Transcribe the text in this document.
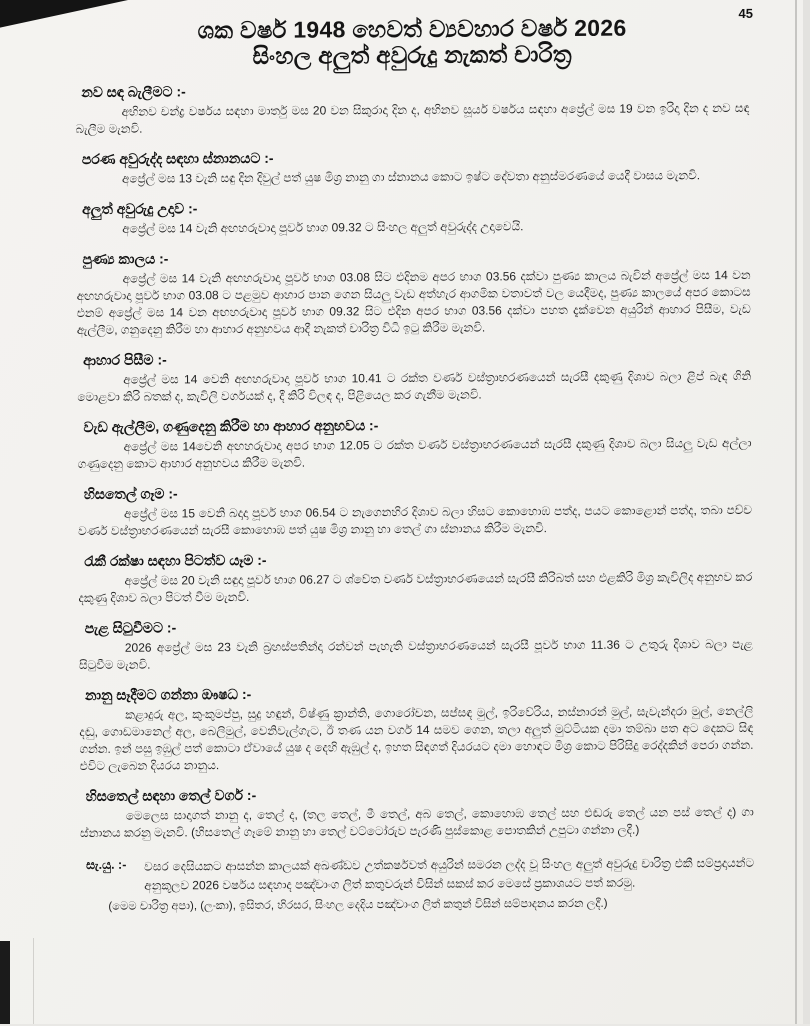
45
ශක වර්ෂ 1948 හෙවත් ව්‍යවහාර වර්ෂ 2026
සිංහල අලුත් අවුරුදු නැකත් චාරිත්‍ර
නව සඳ බැලීමට :-

අභිනව චන්ද්‍ර වර්ෂය සඳහා මාර්තු මස 20 වන සිකුරාදා දින ද, අභිනව සූර්ය වර්ෂය සඳහා අප්‍රේල් මස 19 වන ඉරිදා දින ද නව සඳ බැලීම මැනවි.

පරණ අවුරුද්ද සඳහා ස්නානයට :-

අප්‍රේල් මස 13 වැනි සඳු දින දිවුල් පත් යුෂ මිශ්‍ර නානු ගා ස්නානය කොට ඉෂ්ට දේවතා අනුස්මරණයේ යෙදී වාසය මැනවි.

අලුත් අවුරුදු උදාව :-

අප්‍රේල් මස 14 වැනි අඟහරුවාදා පූර්ව භාග 09.32 ට සිංහල අලුත් අවුරුද්ද උදාවෙයි.

පුණ්‍ය කාලය :-

අප්‍රේල් මස 14 වැනි අඟහරුවාදා පූර්ව භාග 03.08 සිට එදිනම අපර භාග 03.56 දක්වා පුණ්‍ය කාලය බැවින් අප්‍රේල් මස 14 වන අඟහරුවාදා පූර්ව භාග 03.08 ට පළමුව ආහාර පාන ගෙන සියලු වැඩ අත්හැර ආගමික වතාවත් වල යෙදීමද, පුණ්‍ය කාලයේ අපර කොටස එනම් අප්‍රේල් මස 14 වන අඟහරුවාදා පූර්ව භාග 09.32 සිට එදින අපර භාග 03.56 දක්වා පහත දැක්වෙන අයුරින් ආහාර පිසීම, වැඩ ඇල්ලීම, ගනුදෙනු කිරීම හා ආහාර අනුභවය ආදී නැකත් චාරිත්‍ර විධි ඉටු කිරීම මැනවි.

ආහාර පිසීම :-

අප්‍රේල් මස 14 වෙනි අඟහරුවාදා පූර්ව භාග 10.41 ට රක්ත වර්ණ වස්ත්‍රාභරණයෙන් සැරසී දකුණු දිශාව බලා ළිප් බැඳ ගිනි මොළවා කිරි බතක් ද, කැවිලි වර්ගයක් ද, දී කිරි විලඳ ද, පිළියෙල කර ගැනීම මැනවි.

වැඩ ඇල්ලීම, ගණුදෙනු කිරීම හා ආහාර අනුභවය :-

අප්‍රේල් මස 14වෙනි අඟහරුවාදා අපර භාග 12.05 ට රක්ත වර්ණ වස්ත්‍රාභරණයෙන් සැරසී දකුණු දිශාව බලා සියලු වැඩ අල්ලා ගණුදෙනු කොට ආහාර අනුභවය කිරීම මැනවි.

හිසතෙල් ගෑම :-

අප්‍රේල් මස 15 වෙනි බදාදා පූර්ව භාග 06.54 ට නැගෙනහිර දිශාව බලා හිසට කොහොඹ පත්ද, පයට කොළොන් පත්ද, තබා පච්ච වර්ණ වස්ත්‍රාභරණයෙන් සැරසී කොහොඹ පත් යුෂ මිශ්‍ර නානු හා තෙල් ගා ස්නානය කිරීම මැනවි.

රැකී රක්ෂා සඳහා පිටත්ව යෑම :-

අප්‍රේල් මස 20 වැනි සඳුදා පූර්ව භාග 06.27 ට ශ්වේත වර්ණ වස්ත්‍රාභරණයෙන් සැරසී කිරිබත් සහ එළකිරි මිශ්‍ර කැවිලිද අනුභව කර දකුණු දිශාව බලා පිටත් වීම මැනවි.

පැළ සිටුවීමට :-

2026 අප්‍රේල් මස 23 වැනි බ්‍රහස්පතින්දා රන්වන් පැහැති වස්ත්‍රාභරණයෙන් සැරසී පූර්ව භාග 11.36 ට උතුරු දිශාව බලා පැළ සිටුවීම මැනවි.

නානු සෑදීමට ගන්නා ඖෂධ :-

කළාදුරු අල, කුංකුමප්පු, සුදු හඳුන්, විෂ්ණු ක්‍රාන්ති, ගොරෝචන, සප්සඳ මුල්, ඉරිවේරිය, නස්නාරන් මුල්, සැවැන්දරා මුල්, නෙල්ලි දඬු, ගොඩමානෙල් අල, බෙලිමුල්, වෙනිවැල්ගැට, ඊ තණ යන වර්ග 14 සමව ගෙන, තලා අලුත් මුට්ටියක දමා තම්බා පත අට දෙකට සිඳ ගන්න. ඉන් පසු ඉඹුල් පත් කොටා ඒවායේ යුෂ ද දෙහි ඇඹුල් ද, ඉහත සිඳගත් දියරයට දමා හොඳට මිශ්‍ර කොට පිරිසිදු රෙද්දකින් පෙරා ගන්න. එවිට ලැබෙන දියරය නානුය.

හිසතෙල් සඳහා තෙල් වර්ග :-

මෙලෙස සාදාගත් නානු ද, තෙල් ද, (තල තෙල්, මී තෙල්, අබ තෙල්, කොහොඹ තෙල් සහ එඬරු තෙල් යන පස් තෙල් ද) ගා ස්නානය කරනු මැනවි. (හිසතෙල් ගෑමේ නානු හා තෙල් වට්ටෝරුව පැරණි පුස්කොළ පොතකින් උපුටා ගන්නා ලදී.)

සැ.යු. :-	වසර දෙසියකට ආසන්න කාලයක් අඛණ්ඩව උත්කර්ෂවත් අයුරින් සමරන ලද්ද වූ සිංහල අලුත් අවුරුදු චාරිත්‍ර එකී සම්ප්‍රදායන්ට අනුකූලව 2026 වර්ෂය සඳහාද පඤ්චාංග ලිත් කතුවරුන් විසින් සකස් කර මෙසේ ප්‍රකාශයට පත් කරමු.

(මෙම චාරිත්‍ර අපා), (ලංකා), ඉසිතර, හිරසර, සිංහල දෙදිය පඤ්චාංග ලිත් කතුන් විසින් සම්පාදනය කරන ලදී.)
